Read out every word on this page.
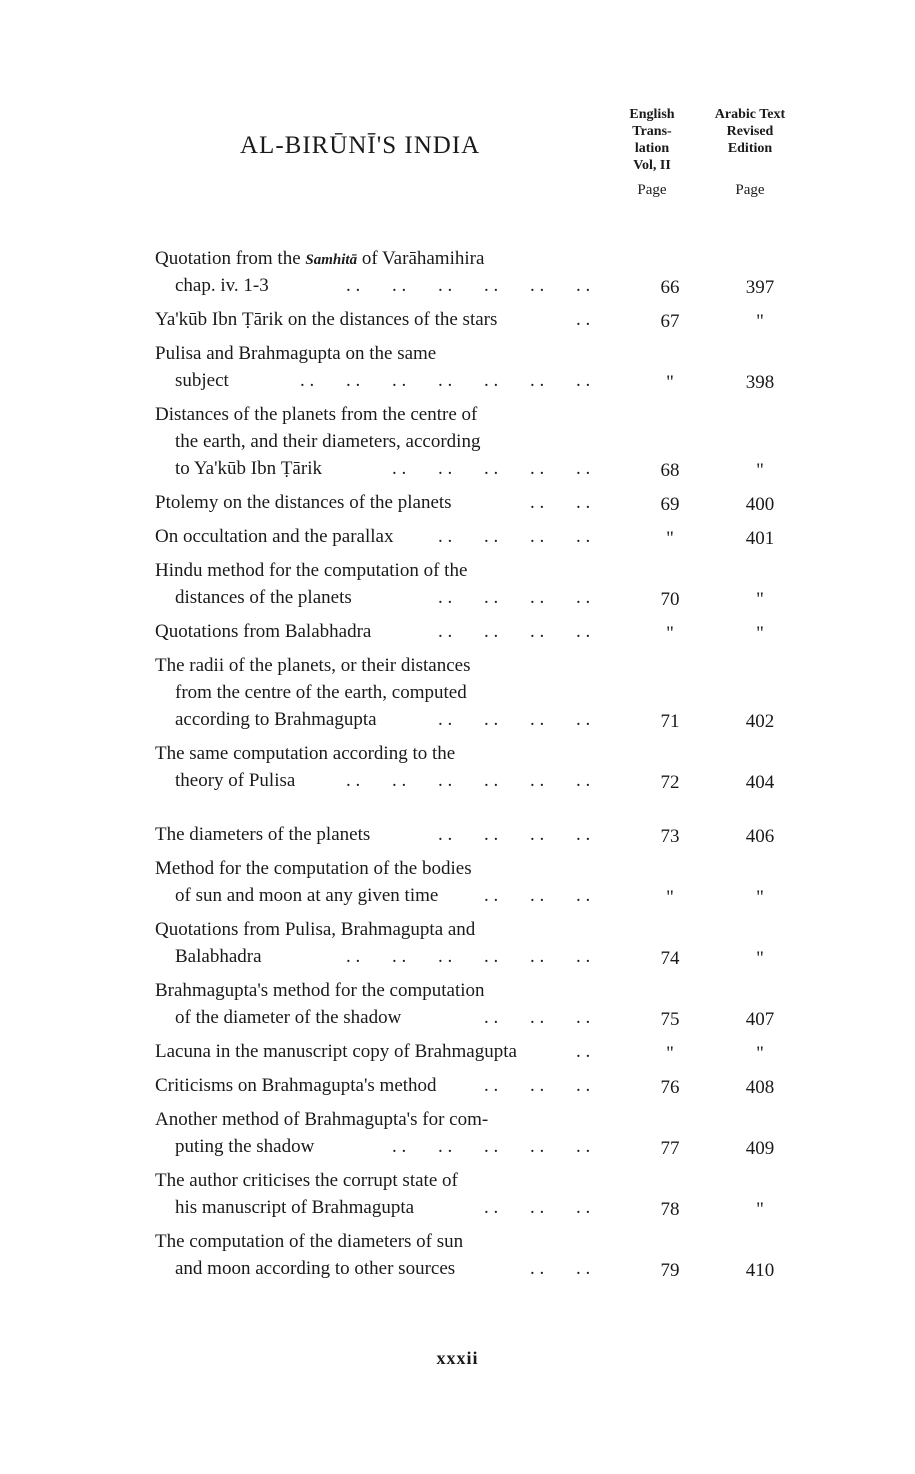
AL-BIRŪNĪ'S INDIA
English
Trans-
lation
Vol, II
Page
Arabic Text
Revised
Edition
Page
Quotation from the Samhitā of Varāhamihira
chap. iv. 1-3	66	397
. . . . . . . . . . . .
Ya'kūb Ibn Ṭārik on the distances of the stars	67	"
. .
Pulisa and Brahmagupta on the same
subject	"	398
. . . . . . . . . . . . . .
Distances of the planets from the centre of
the earth, and their diameters, according
to Ya'kūb Ibn Ṭārik	68	"
. . . . . . . . . .
Ptolemy on the distances of the planets	69	400
. . . .
On occultation and the parallax	"	401
. . . . . . . .
Hindu method for the computation of the
distances of the planets	70	"
. . . . . . . .
Quotations from Balabhadra	"	"
. . . . . . . .
The radii of the planets, or their distances
from the centre of the earth, computed
according to Brahmagupta	71	402
. . . . . . . .
The same computation according to the
theory of Pulisa	72	404
. . . . . . . . . . . .
The diameters of the planets	73	406
. . . . . . . .
Method for the computation of the bodies
of sun and moon at any given time	"	"
. . . . . .
Quotations from Pulisa, Brahmagupta and
Balabhadra	74	"
. . . . . . . . . . . .
Brahmagupta's method for the computation
of the diameter of the shadow	75	407
. . . . . .
Lacuna in the manuscript copy of Brahmagupta	"	"
. .
Criticisms on Brahmagupta's method	76	408
. . . . . .
Another method of Brahmagupta's for com-
puting the shadow	77	409
. . . . . . . . . .
The author criticises the corrupt state of
his manuscript of Brahmagupta	78	"
. . . . . .
The computation of the diameters of sun
and moon according to other sources	79	410
. . . .
xxxii
